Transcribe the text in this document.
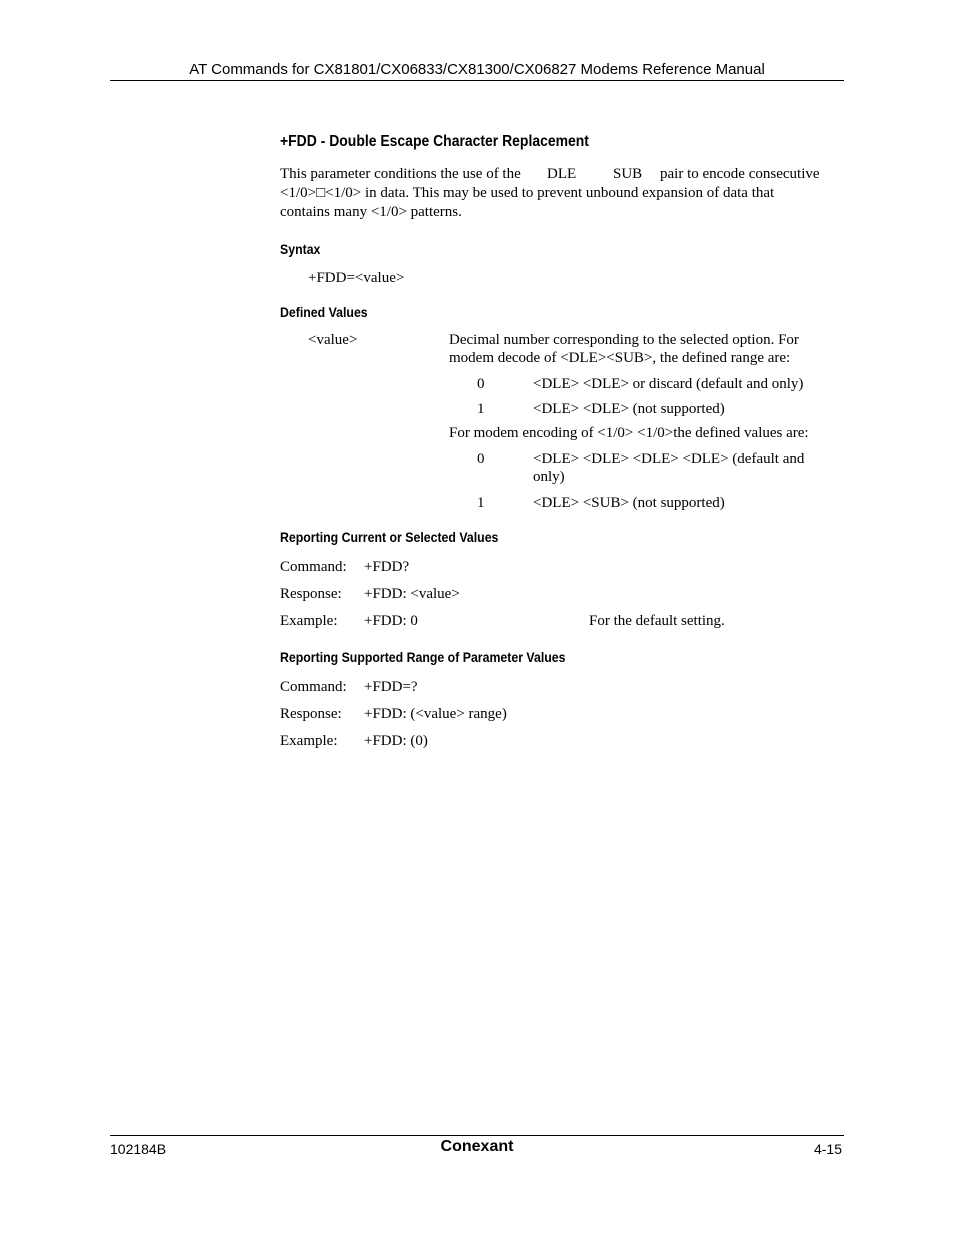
AT Commands for CX81801/CX06833/CX81300/CX06827 Modems Reference Manual
+FDD - Double Escape Character Replacement
This parameter conditions the use of the DLE SUB pair to encode consecutive
<1/0>□<1/0> in data. This may be used to prevent unbound expansion of data that
contains many <1/0> patterns.
Syntax
+FDD=<value>
Defined Values
<value>	Decimal number corresponding to the selected option. For
modem decode of <DLE><SUB>, the defined range are:
0	<DLE> <DLE> or discard (default and only)
1	<DLE> <DLE> (not supported)
For modem encoding of <1/0> <1/0>the defined values are:
0	<DLE> <DLE> <DLE> <DLE> (default and
only)
1	<DLE> <SUB> (not supported)
Reporting Current or Selected Values
Command: +FDD?
Response: +FDD: <value>
Example: +FDD: 0	For the default setting.
Reporting Supported Range of Parameter Values
Command: +FDD=?
Response: +FDD: (<value> range)
Example: +FDD: (0)
102184B	Conexant	4-15
